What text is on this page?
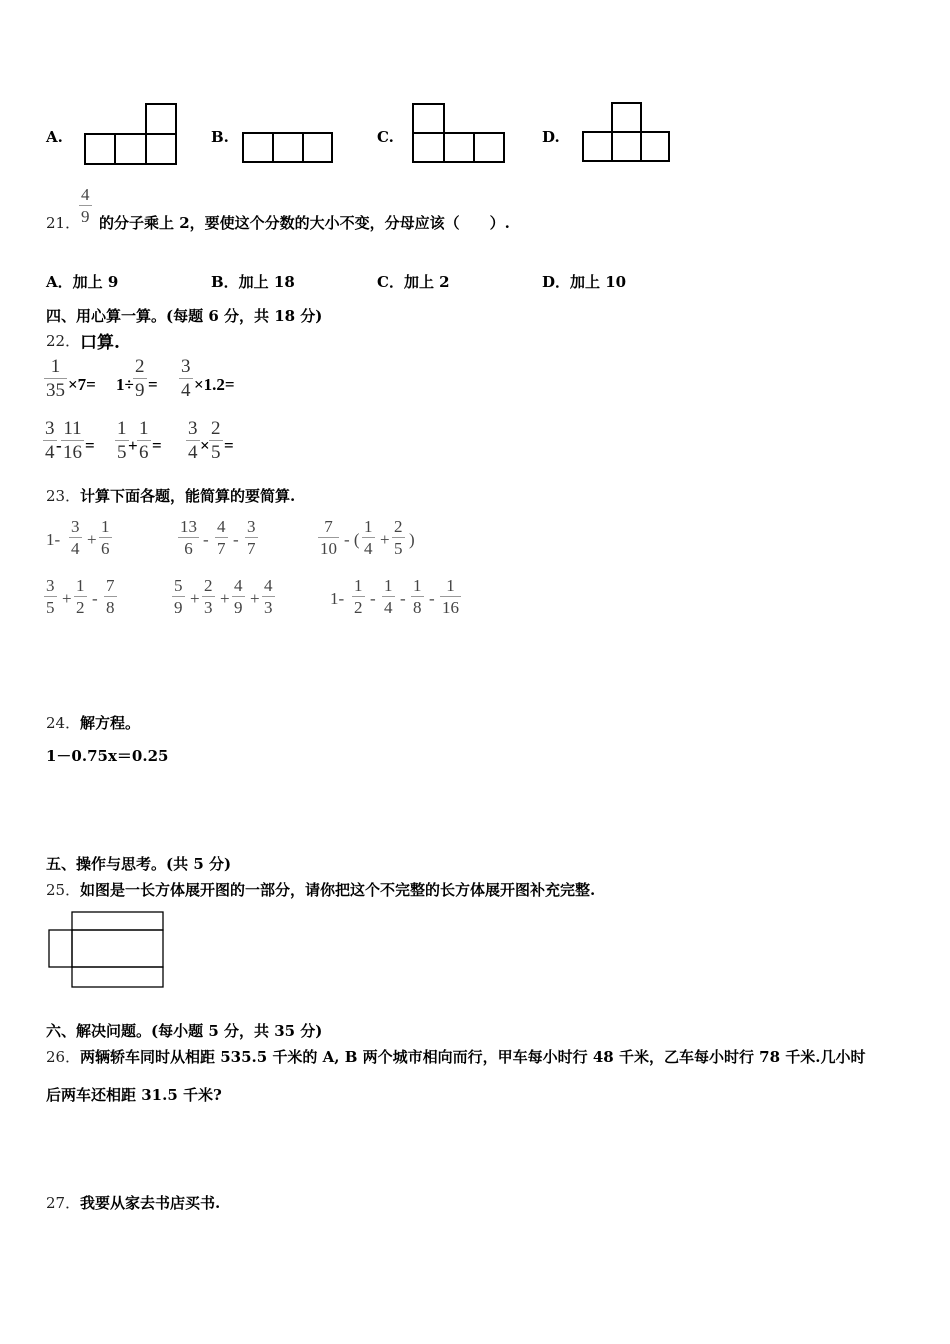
A.	B.	C.	D.
21．
4
9 的分子乘上 2，要使这个分数的大小不变，分母应该（　　）.
A．加上 9	B．加上 18	C．加上 2	D．加上 10
四、用心算一算。(每题 6 分，共 18 分)
22． 口算.
1
35 ×7= 1÷
2
9 =
3
4 ×1.2=
3
4 -
11
16 =
1
5 +
1
6 =
3
4 ×
2
5 =
23． 计算下面各题，能简算的要简算.
1-
3
4 +
1
6
13
6 -
4
7 -
3
7
7
10 - (
1
4 +
2
5 )
3
5 +
1
2 -
7
8
5
9 +
2
3 +
4
9 +
4
3	1-
1
2 -
1
4 -
1
8 -
1
16
24． 解方程。
1－0.75x＝0.25
五、操作与思考。(共 5 分)
25． 如图是一长方体展开图的一部分，请你把这个不完整的长方体展开图补充完整.
六、解决问题。(每小题 5 分，共 35 分)
26． 两辆轿车同时从相距 535.5 千米的 A, B 两个城市相向而行，甲车每小时行 48 千米，乙车每小时行 78 千米.几小时
后两车还相距 31.5 千米?
27． 我要从家去书店买书.
